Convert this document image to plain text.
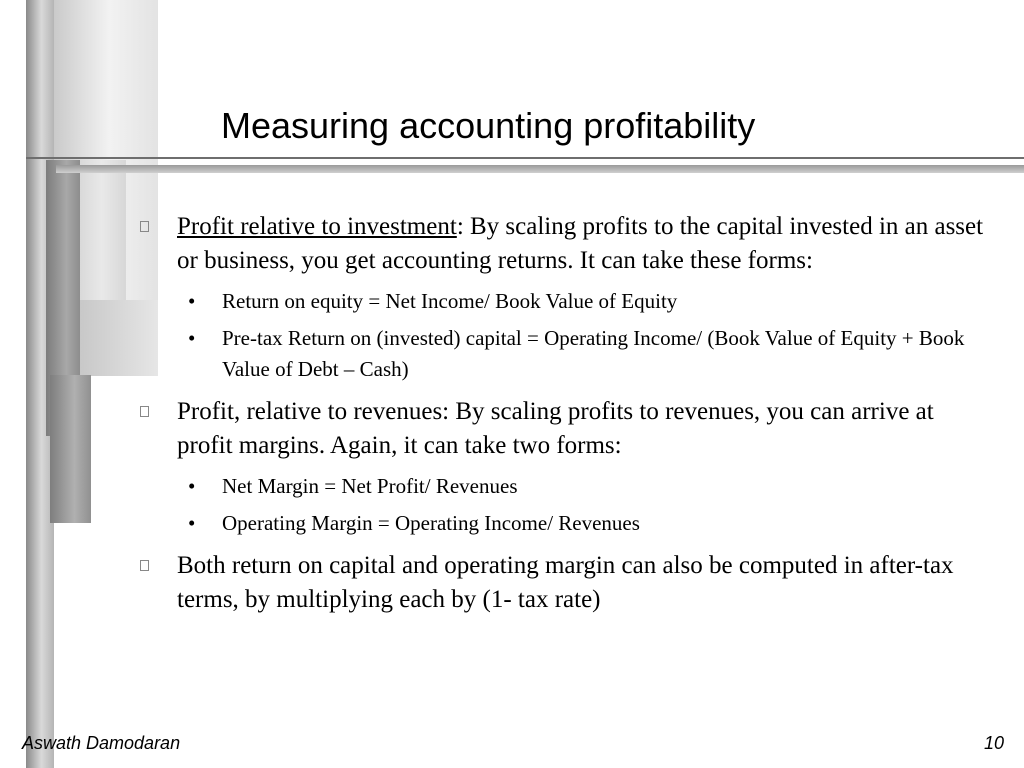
Measuring accounting profitability
Profit relative to investment: By scaling profits to the capital invested in an asset or business, you get accounting returns. It can take these forms:
• Return on equity = Net Income/ Book Value of Equity
• Pre-tax Return on (invested) capital = Operating Income/ (Book Value of Equity + Book Value of Debt – Cash)
Profit, relative to revenues: By scaling profits to revenues, you can arrive at profit margins. Again, it can take two forms:
• Net Margin = Net Profit/ Revenues
• Operating Margin = Operating Income/ Revenues
Both return on capital and operating margin can also be computed in after-tax terms, by multiplying each by (1- tax rate)
Aswath Damodaran	10
